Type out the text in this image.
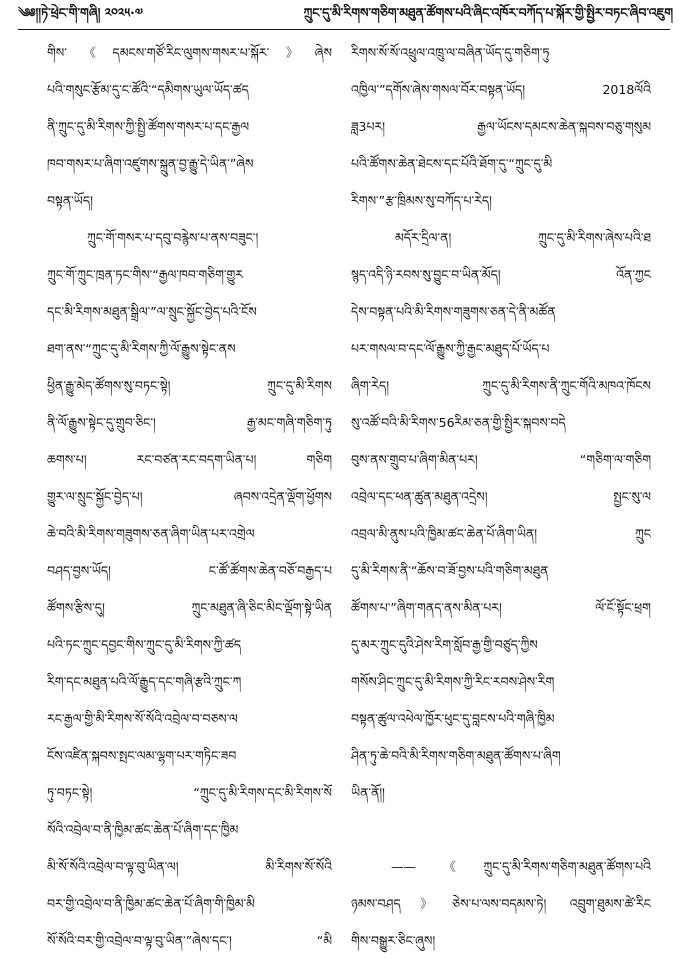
༄༅།།ཏེ་ཕྲེང་གི་གཞི། ༢༠༢༥·༧	ཀྲུང་དུ་མི་རིགས་གཅིག་མཐུན་ཚོགས་པའི་ཞིང་འཁོར་བཀོད་པ་སྐོར་གྱི་སྤྱིར་བཏང་ཞིབ་འཇུག
གིས་《དམངས་གཙོ་རིང་ལུགས་གསར་པ་སྐོར་》ཞེས
པའི་གསུང་རྩོམ་དུ་ང་ཚོའི་“དམིགས་ཡུལ་ཡོད་ཚད
ནི་ཀྲུང་དུ་མི་རིགས་ཀྱི་སྤྱི་ཚོགས་གསར་པ་དང་རྒྱལ
ཁབ་གསར་པ་ཞིག་འཛུགས་སྐྲུན་བྱ་རྒྱུ་དེ་ཡིན་”ཞེས
བསྟན་ཡོད།
ཀྲུང་གོ་གསར་པ་དབུ་བརྙེས་པ་ནས་བཟུང་།
ཀྲུང་གོ་ཀྲུང་ཁྲན་ཏང་གིས་“རྒྱལ་ཁབ་གཅིག་གྱུར
དང་མི་རིགས་མཐུན་སྒྲིལ་”ལ་སྲུང་སྐྱོང་བྱེད་པའི་ངོས
ཐག་ནས་“ཀྲུང་དུ་མི་རིགས་ཀྱི་ལོ་རྒྱུས་སྟེང་ནས
ཕྱིན་རྒྱུ་མེད་ཚོགས་སུ་བཏང་སྟེ། ཀྲུང་དུ་མི་རིགས
ནི་ལོ་རྒྱུས་སྟེང་དུ་གྲུབ་ཅིང་། རྒྱ་མང་གཞི་གཅིག་ཏུ
ཆགས་པ། རང་བཙན་རང་བདག་ཡིན་པ། གཅིག
གྱུར་ལ་སྲུང་སྐྱོང་བྱེད་པ། ཞབས་འདྲེན་ལྡོག་ཕྱོགས
ཆེ་བའི་མི་རིགས་གཟུགས་ཅན་ཞིག་ཡིན་པར་འགྲེལ
བཤད་བྱས་ཡོད། ང་ཚོ་ཚོགས་ཆེན་བཅོ་བརྒྱད་པ
ཚོགས་རྩིས་དུ། ཀྲུང་མཐུན་ཞི་ཅིང་མིང་ལྡོག་སྟེ་ཡིན
པའི་ཏང་ཀྲུང་དབྱང་གིས་ཀྲུང་དུ་མི་རིགས་ཀྱི་ཚད
རིག་དང་མཐུན་པའི་ལོ་རྒྱུད་དང་གཞི་རྩའི་ཀྲུང་ཀ
རང་རྒྱལ་གྱི་མི་རིགས་སོ་སོའི་འབྲེལ་བ་བཅས་ལ
ངོས་འཛིན་སྐབས་སྤང་ལམ་ལྷག་པར་གཏིང་ཟབ
ཏུ་བཏང་སྟེ། “ཀྲུང་དུ་མི་རིགས་དང་མི་རིགས་སོ
སོའི་འབྲེལ་བ་ནི་ཁྱིམ་ཚང་ཆེན་པོ་ཞིག་དང་ཁྱིམ
མི་སོ་སོའི་འབྲེལ་བ་ལྟ་བུ་ཡིན་ལ། མི་རིགས་སོ་སོའི
བར་གྱི་འབྲེལ་བ་ནི་ཁྱིམ་ཚང་ཆེན་པོ་ཞིག་གི་ཁྱིམ་མི
སོ་སོའི་བར་གྱི་འབྲེལ་བ་ལྟ་བུ་ཡིན་”ཞེས་དང་། “མི
རིགས་སོ་སོ་འཕྲུལ་འཁྲུ་ལ་བཞིན་ཡོད་དུ་གཅིག་ཏུ
འཁྱིལ་”དགོས་ཞེས་གསལ་བོར་བསྟན་ཡོད། 2018ལོའི
ཟླ3པར། རྒྱལ་ཡོངས་དམངས་ཆེན་སྐབས་བཅུ་གསུམ
པའི་ཚོགས་ཆེན་ཐེངས་དང་པོའི་ཐོག་དུ་“ཀྲུང་དུ་མི
རིགས་”རྩ་ཁྲིམས་སུ་བཀོད་པ་རེད།
མདོར་དྲིལ་ན། ཀྲུང་དུ་མི་རིགས་ཞེས་པའི་ཐ
སྙད་འདི་ཉི་རབས་སུ་བྱུང་བ་ཡིན་མོད། འོན་ཀྱང
དེས་བསྟན་པའི་མི་རིགས་གཟུགས་ཅན་དེ་ནི་མཚོན
པར་གསལ་བ་དང་ལོ་རྒྱུས་ཀྱི་རྒྱང་མཐུད་པོ་ཡོད་པ
ཞིག་རེད། ཀྲུང་དུ་མི་རིགས་ནི་ཀྲུང་གོའི་མཁའ་ཁོངས
སུ་འཚོ་བའི་མི་རིགས་56རིམ་ཅན་གྱི་སྤྱིར་སྐབས་བདེ
བུས་ནས་གྲུབ་པ་ཞིག་མིན་པར། “གཅིག་ལ་གཅིག
འབྲེལ་དང་ཕན་ཚུན་མཐུན་འདྲེས། སྤྱང་སུ་ལ
འབྲལ་མི་ནུས་པའི་ཁྱིམ་ཚང་ཆེན་པོ་ཞིག་ཡིན། ཀྲུང
དུ་མི་རིགས་ནི་“ཆོས་བ་ཟོ་བྱས་པའི་གཅིག་མཐུན
ཚོགས་པ་”ཞིག་གནད་ནས་མིན་པར། ལོ་ངོ་སྟོང་ཕྲག
དུ་མར་ཀྲུང་དུའི་ཤེས་རིག་སློབ་རྒྱ་གྱི་བཙུད་ཀྱིས
གསོས་ཤིང་ཀྲུང་དུ་མི་རིགས་ཀྱི་རིང་རབས་ཤེས་རིག
བསྟན་ཚུལ་འཕེལ་ཁྱོར་ཕུང་དུ་བླངས་པའི་གཞི་ཁྱིམ
ཤིན་ཏུ་ཆེ་བའི་མི་རིགས་གཅིག་མཐུན་ཚོགས་པ་ཞིག
ཡིན་ནོ།།
——《ཀྲུང་དུ་མི་རིགས་གཅིག་མཐུན་ཚོགས་པའི
ཉམས་བཤད》ཅེས་པ་ལས་བདམས་ཏེ། འབྲུག་ཐུམས་ཚེ་རིང
གིས་བསྒྱུར་ཅིང་ཞུས།
